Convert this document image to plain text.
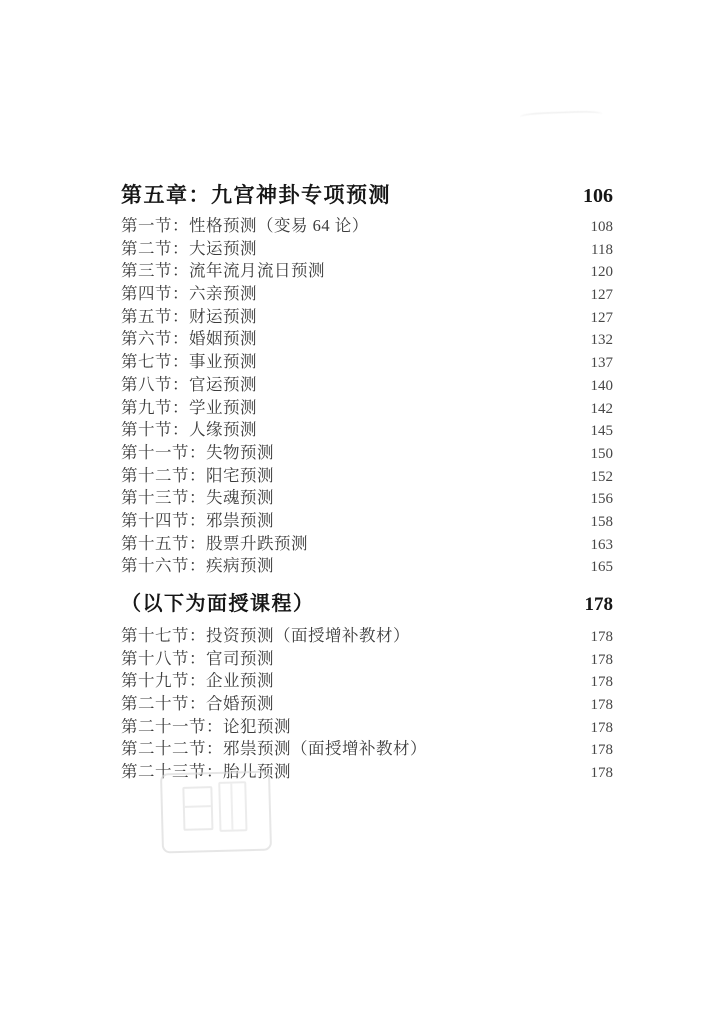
第五章：九宫神卦专项预测	106
第一节：性格预测（变易 64 论）	108
第二节：大运预测	118
第三节：流年流月流日预测	120
第四节：六亲预测	127
第五节：财运预测	127
第六节：婚姻预测	132
第七节：事业预测	137
第八节：官运预测	140
第九节：学业预测	142
第十节：人缘预测	145
第十一节：失物预测	150
第十二节：阳宅预测	152
第十三节：失魂预测	156
第十四节：邪祟预测	158
第十五节：股票升跌预测	163
第十六节：疾病预测	165
（以下为面授课程）	178
第十七节：投资预测（面授增补教材）	178
第十八节：官司预测	178
第十九节：企业预测	178
第二十节：合婚预测	178
第二十一节：论犯预测	178
第二十二节：邪祟预测（面授增补教材）	178
第二十三节：胎儿预测	178
